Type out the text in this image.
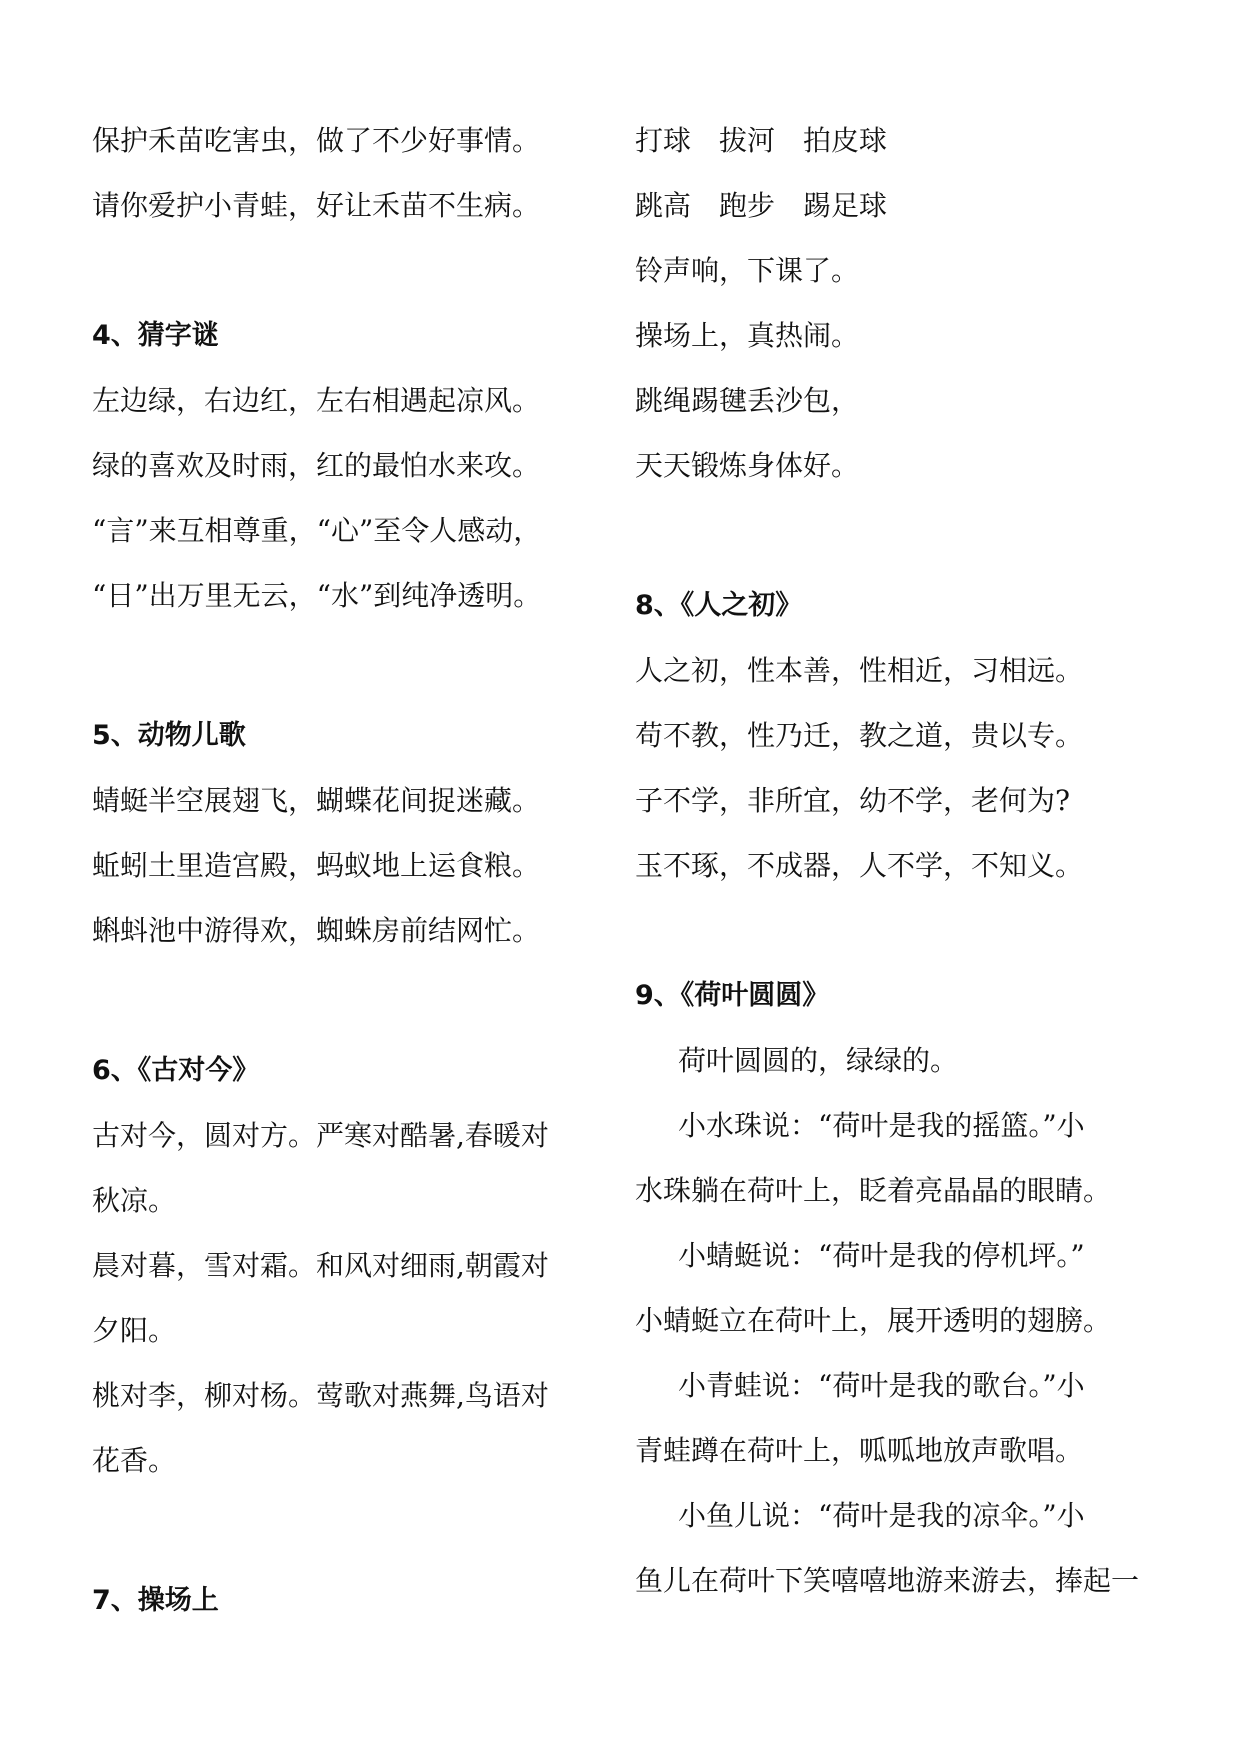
保护禾苗吃害虫，做了不少好事情。
请你爱护小青蛙，好让禾苗不生病。
4、猜字谜
左边绿，右边红，左右相遇起凉风。
绿的喜欢及时雨，红的最怕水来攻。
“言”来互相尊重，“心”至令人感动，
“日”出万里无云，“水”到纯净透明。
5、动物儿歌
蜻蜓半空展翅飞，蝴蝶花间捉迷藏。
蚯蚓土里造宫殿，蚂蚁地上运食粮。
蝌蚪池中游得欢，蜘蛛房前结网忙。
6、《古对今》
古对今，圆对方。严寒对酷暑,春暖对
秋凉。
晨对暮，雪对霜。和风对细雨,朝霞对
夕阳。
桃对李，柳对杨。莺歌对燕舞,鸟语对
花香。
7、操场上
打球 拔河 拍皮球
跳高 跑步 踢足球
铃声响，下课了。
操场上，真热闹。
跳绳踢毽丢沙包，
天天锻炼身体好。
8、《人之初》
人之初，性本善，性相近，习相远。
苟不教，性乃迁，教之道，贵以专。
子不学，非所宜，幼不学，老何为?
玉不琢，不成器，人不学，不知义。
9、《荷叶圆圆》
荷叶圆圆的，绿绿的。
小水珠说：“荷叶是我的摇篮。”小
水珠躺在荷叶上，眨着亮晶晶的眼睛。
小蜻蜓说：“荷叶是我的停机坪。”
小蜻蜓立在荷叶上，展开透明的翅膀。
小青蛙说：“荷叶是我的歌台。”小
青蛙蹲在荷叶上，呱呱地放声歌唱。
小鱼儿说：“荷叶是我的凉伞。”小
鱼儿在荷叶下笑嘻嘻地游来游去，捧起一
